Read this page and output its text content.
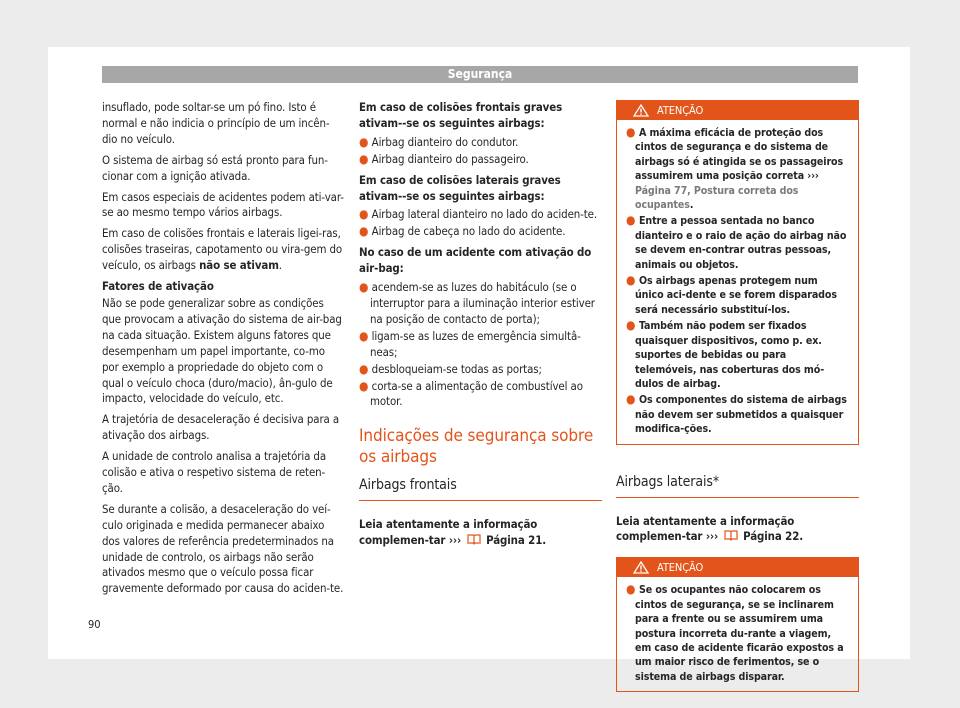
Segurança

insuflado, pode soltar-se um pó fino. Isto é normal e não indicia o princípio de um incên-dio no veículo.

O sistema de airbag só está pronto para fun-cionar com a ignição ativada.

Em casos especiais de acidentes podem ati-var-se ao mesmo tempo vários airbags.

Em caso de colisões frontais e laterais ligei-ras, colisões traseiras, capotamento ou vira-gem do veículo, os airbags não se ativam.

Fatores de ativação

Não se pode generalizar sobre as condições que provocam a ativação do sistema de air-bag na cada situação. Existem alguns fatores que desempenham um papel importante, co-mo por exemplo a propriedade do objeto com o qual o veículo choca (duro/macio), ân-gulo de impacto, velocidade do veículo, etc.

A trajetória de desaceleração é decisiva para a ativação dos airbags.

A unidade de controlo analisa a trajetória da colisão e ativa o respetivo sistema de reten-ção.

Se durante a colisão, a desaceleração do veí-culo originada e medida permanecer abaixo dos valores de referência predeterminados na unidade de controlo, os airbags não serão ativados mesmo que o veículo possa ficar gravemente deformado por causa do aciden-te.

Em caso de colisões frontais graves ativam--se os seguintes airbags:

● Airbag dianteiro do condutor.

● Airbag dianteiro do passageiro.

Em caso de colisões laterais graves ativam--se os seguintes airbags:

● Airbag lateral dianteiro no lado do aciden-te.

● Airbag de cabeça no lado do acidente.

No caso de um acidente com ativação do air-bag:

● acendem-se as luzes do habitáculo (se o interruptor para a iluminação interior estiver na posição de contacto de porta);

● ligam-se as luzes de emergência simultâ-neas;

● desbloqueiam-se todas as portas;

● corta-se a alimentação de combustível ao motor.

Indicações de segurança sobre os airbags
Airbags frontais

Leia atentamente a informação complemen-tar ››› Página 21.

ATENÇÃO

● A máxima eficácia de proteção dos cintos de segurança e do sistema de airbags só é atingida se os passageiros assumirem uma posição correta ››› Página 77, Postura correta dos ocupantes.

● Entre a pessoa sentada no banco dianteiro e o raio de ação do airbag não se devem en-contrar outras pessoas, animais ou objetos.

● Os airbags apenas protegem num único aci-dente e se forem disparados será necessário substituí-los.

● Também não podem ser fixados quaisquer dispositivos, como p. ex. suportes de bebidas ou para telemóveis, nas coberturas dos mó-dulos de airbag.

● Os componentes do sistema de airbags não devem ser submetidos a quaisquer modifica-ções.

Airbags laterais*

Leia atentamente a informação complemen-tar ››› Página 22.

ATENÇÃO

● Se os ocupantes não colocarem os cintos de segurança, se se inclinarem para a frente ou se assumirem uma postura incorreta du-rante a viagem, em caso de acidente ficarão expostos a um maior risco de ferimentos, se o sistema de airbags disparar.

90
